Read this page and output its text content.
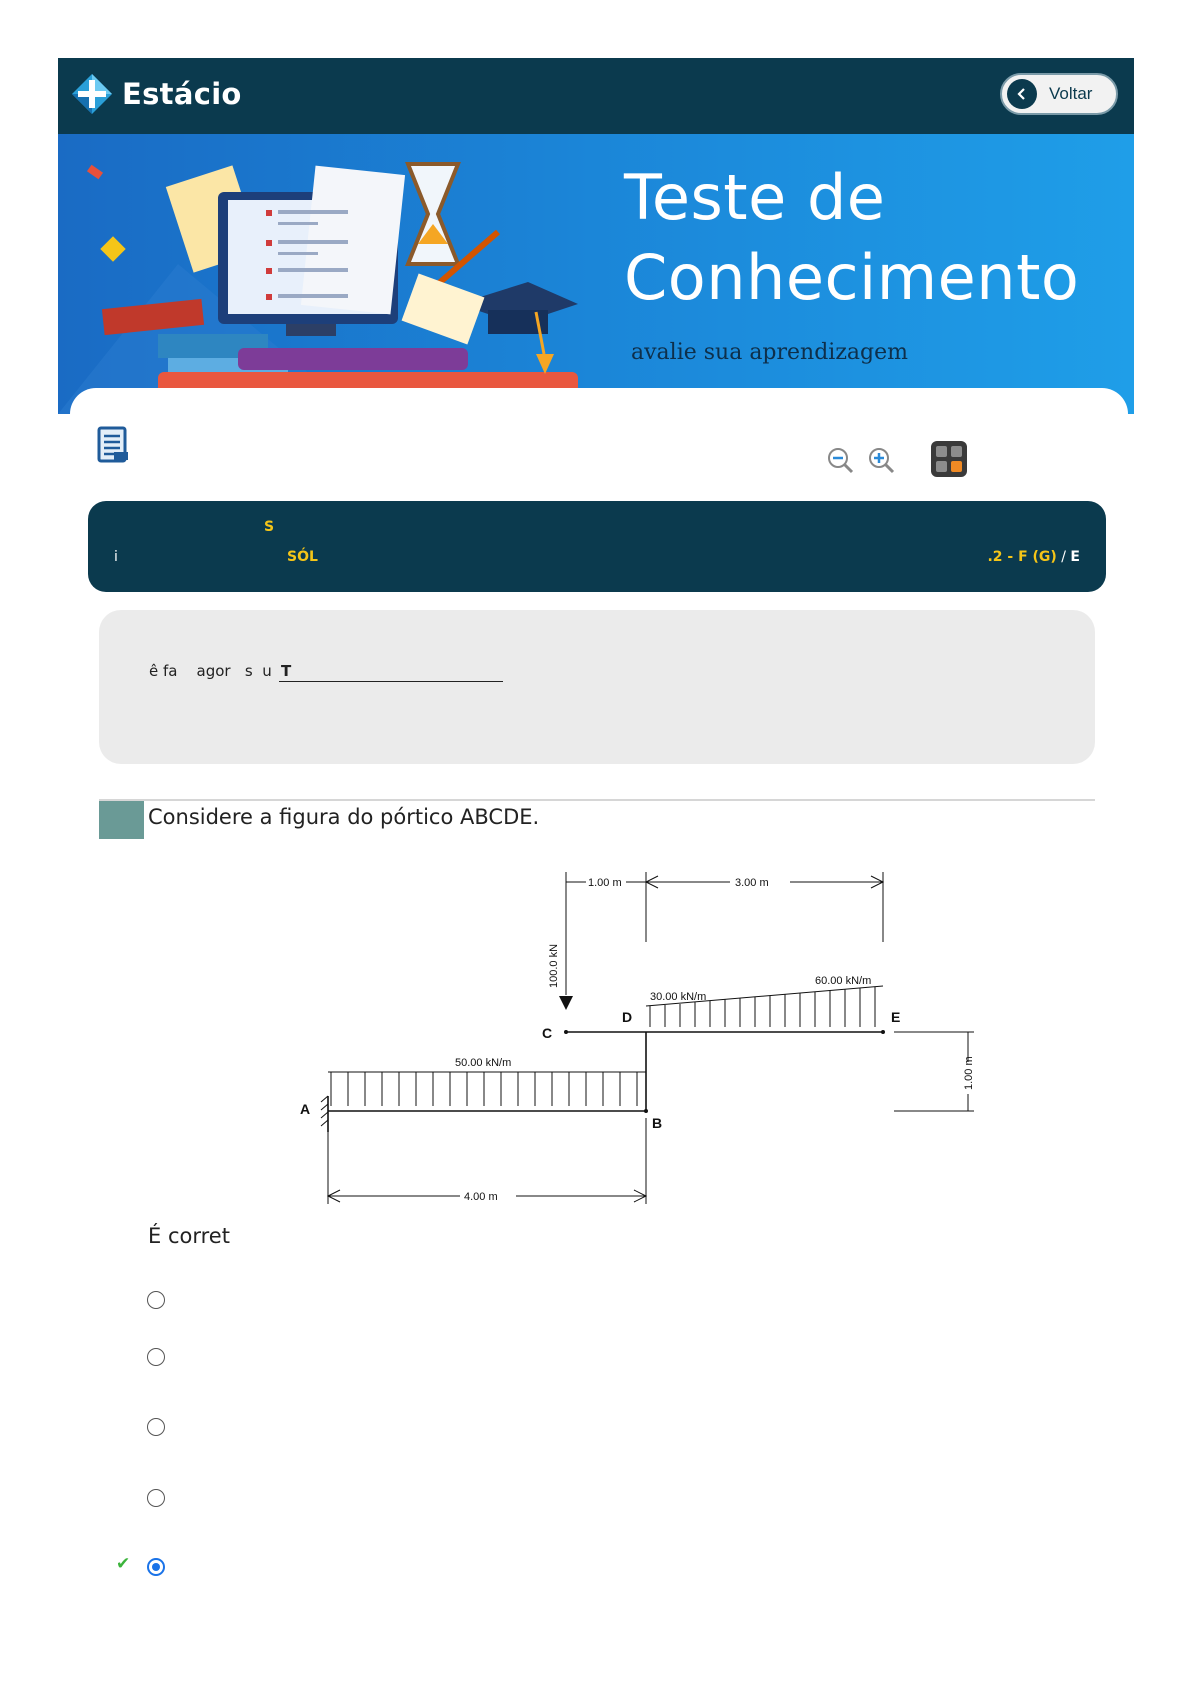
Estácio	Voltar
Teste de
Conhecimento
avalie sua aprendizagem
S
i	SÓL	.2 - F (G) / E
ê fa    agor   s  u T
Considere a figura do pórtico ABCDE.
1.00 m	3.00 m
4.00 m
1.00 m
100.0 kN
30.00 kN/m
60.00 kN/m
50.00 kN/m
A
B
C
D	E
É corret
✔
